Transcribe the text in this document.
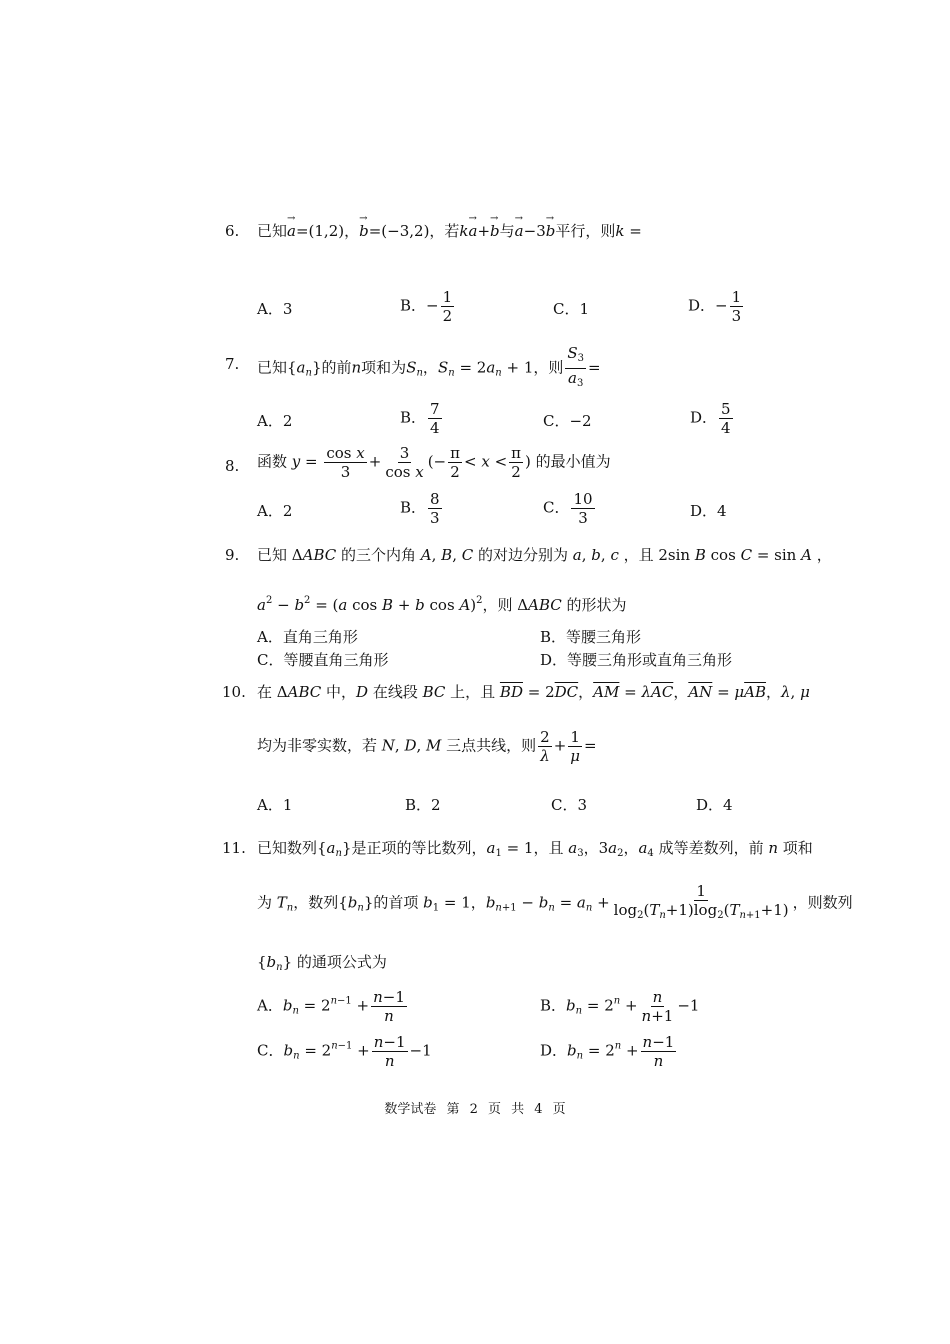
6. 已知→ a=(1,2)，→ b=(−3,2)，若k→ a+→ b与→ a−3→ b平行，则k =
A．3	B．− $\frac{1}{2}$	C．1	D．− $\frac{1}{3}$
7. 已知$\{a_n\}$的前n项和为$S_n$，$S_n = 2a_n + 1$，则 $\frac{S_3}{a_3}$ =
A．2	B． $\frac{7}{4}$	C．−2	D． $\frac{5}{4}$
8. 函数 $y = \frac{\text{cos x}}{3} + \frac{3}{\text{cos x}}$ (− $\frac{\pi}{2} < x < \frac{\pi}{2}$ ) 的最小值为
A．2	B． $\frac{8}{3}$	C． $\frac{10}{3}$	D．4
9. 已知 ΔABC 的三个内角 A, B, C 的对边分别为 a, b, c ，且 2sin B cos C = sin A ，
$a^2 - b^2 = (a$ cos B + b cos A)$^2$，则 ΔABC 的形状为
A．直角三角形	B．等腰三角形
C．等腰直角三角形	D．等腰三角形或直角三角形
10. 在 ΔABC 中，D 在线段 BC 上，且 $\overline{BD} = 2\overline{DC}$，$\overline{AM} = \lambda\overline{AC}$，$\overline{AN} = \mu\overline{AB}$，λ, μ
均为非零实数，若 N, D, M 三点共线，则 $\frac{2}{\lambda} + \frac{1}{\mu}$ =
A．1	B．2	C．3	D．4
11. 已知数列$\{a_n\}$是正项的等比数列，$a_1 = 1$，且 $a_3$，$3a_2$，$a_4$ 成等差数列，前 n 项和
为 $T_n$，数列$\{b_n\}$的首项 $b_1 = 1$，$b_{n+1} - b_n = a_n + \frac{1}{\log_2(T_n+1)\log_2(T_{n+1}+1)}$ ，则数列
$\{b_n\}$ 的通项公式为
A．$b_n = 2^{n-1} + \frac{n-1}{n}$	B．$b_n = 2^n + \frac{n}{n+1} -1$
C．$b_n = 2^{n-1} + \frac{n-1}{n} -1$	D．$b_n = 2^n + \frac{n-1}{n}$
数学试卷 第 2 页 共 4 页
